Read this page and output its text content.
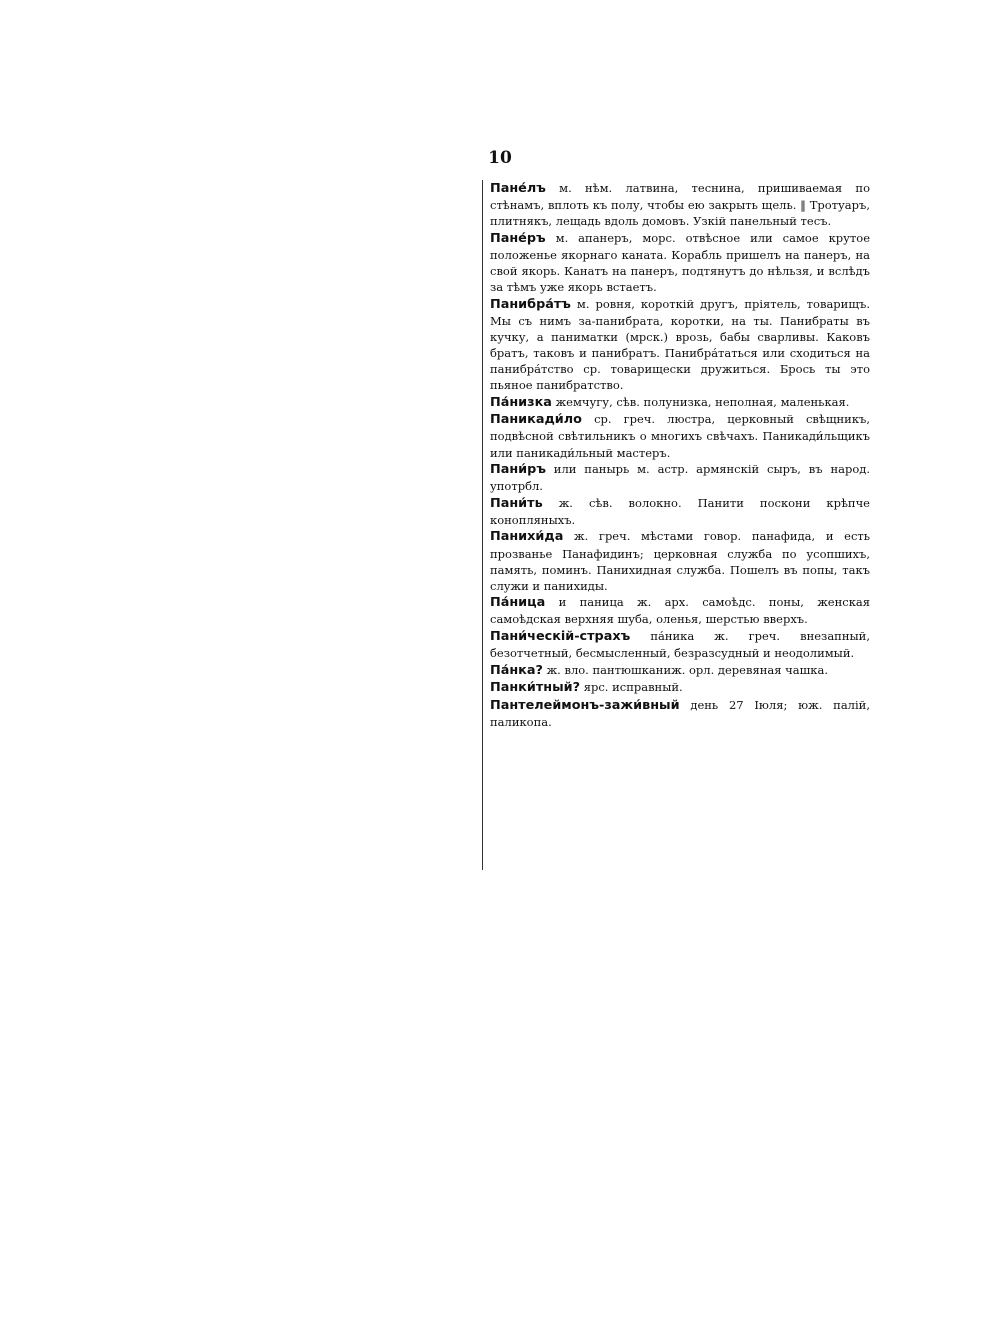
10

Пане́лъ м. нѣм. латвина, теснина, пришиваемая по стѣнамъ, вплоть къ полу, чтобы ею закрыть щель. ‖ Тротуаръ, плитнякъ, лещадь вдоль домовъ. Узкій панельный тесъ.

Пане́ръ м. апанеръ, морс. отвѣсное или самое крутое положенье якорнаго каната. Корабль пришелъ на панеръ, на свой якорь. Канатъ на панеръ, подтянутъ до нѣльзя, и вслѣдъ за тѣмъ уже якорь встаетъ.

Панибра́тъ м. ровня, короткій другъ, пріятель, товарищъ. Мы съ нимъ за-панибрата, коротки, на ты. Панибраты въ кучку, а паниматки (мрск.) врозь, бабы сварливы. Каковъ братъ, таковъ и панибратъ. Панибра́таться или сходиться на панибра́тство ср. товарищески дружиться. Брось ты это пьяное панибратство.

Па́низка жемчугу, сѣв. полунизка, неполная, маленькая.

Паникади́ло ср. греч. люстра, церковный свѣщникъ, подвѣсной свѣтильникъ о многихъ свѣчахъ. Паникади́льщикъ или паникади́льный мастеръ.

Пани́ръ или панырь м. астр. армянскій сыръ, въ народ. употрбл.

Пани́ть ж. сѣв. волокно. Панити поскони крѣпче конопляныхъ.

Панихи́да ж. греч. мѣстами говор. панафида, и есть прозванье Панафидинъ; церковная служба по усопшихъ, память, поминъ. Панихидная служба. Пошелъ въ попы, такъ служи и панихиды.

Па́ница и паница ж. арх. самоѣдс. поны, женская самоѣдская верхняя шуба, оленья, шерстью вверхъ.

Пани́ческій-страхъ па́ника ж. греч. внезапный, безотчетный, бесмысленный, безразсудный и неодолимый.

Па́нка? ж. вло. пантюшканиж. орл. деревяная чашка.

Панки́тный? ярс. исправный.

Пантелеймонъ-зажи́вный день 27 Іюля; юж. палій, паликопа.
